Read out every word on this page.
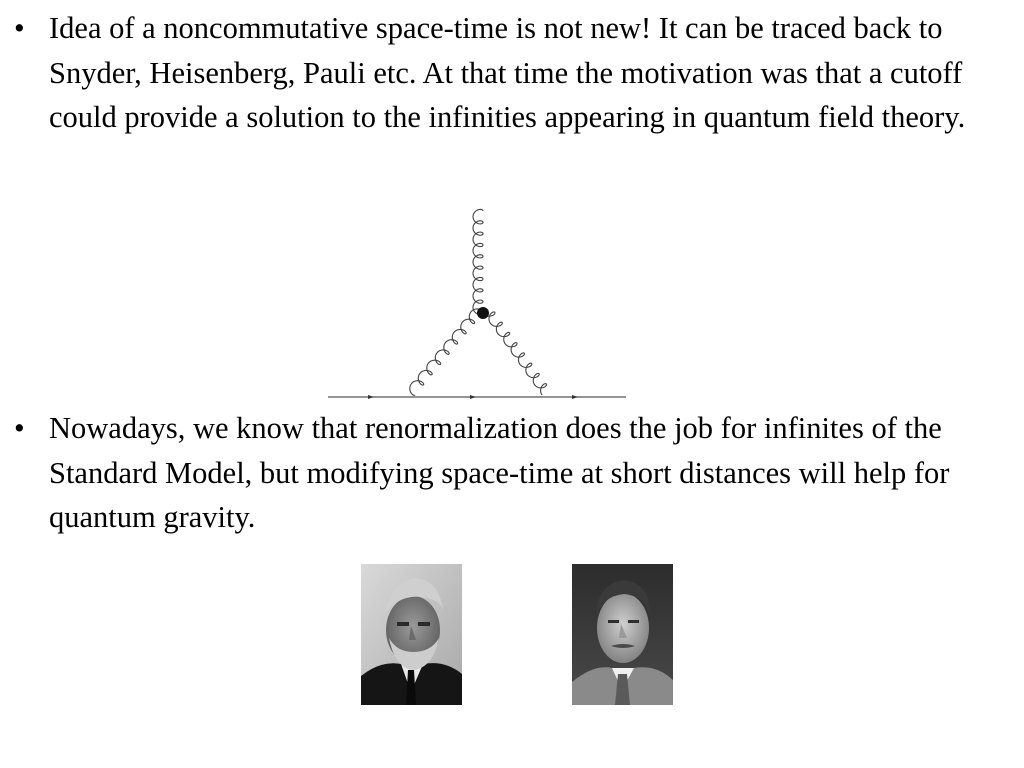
• Idea of a noncommutative space-time is not new! It can be traced back to Snyder, Heisenberg, Pauli etc. At that time the motivation was that a cutoff could provide a solution to the infinities appearing in quantum field theory.
• Nowadays, we know that renormalization does the job for infinites of the Standard Model, but modifying space-time at short distances will help for quantum gravity.
